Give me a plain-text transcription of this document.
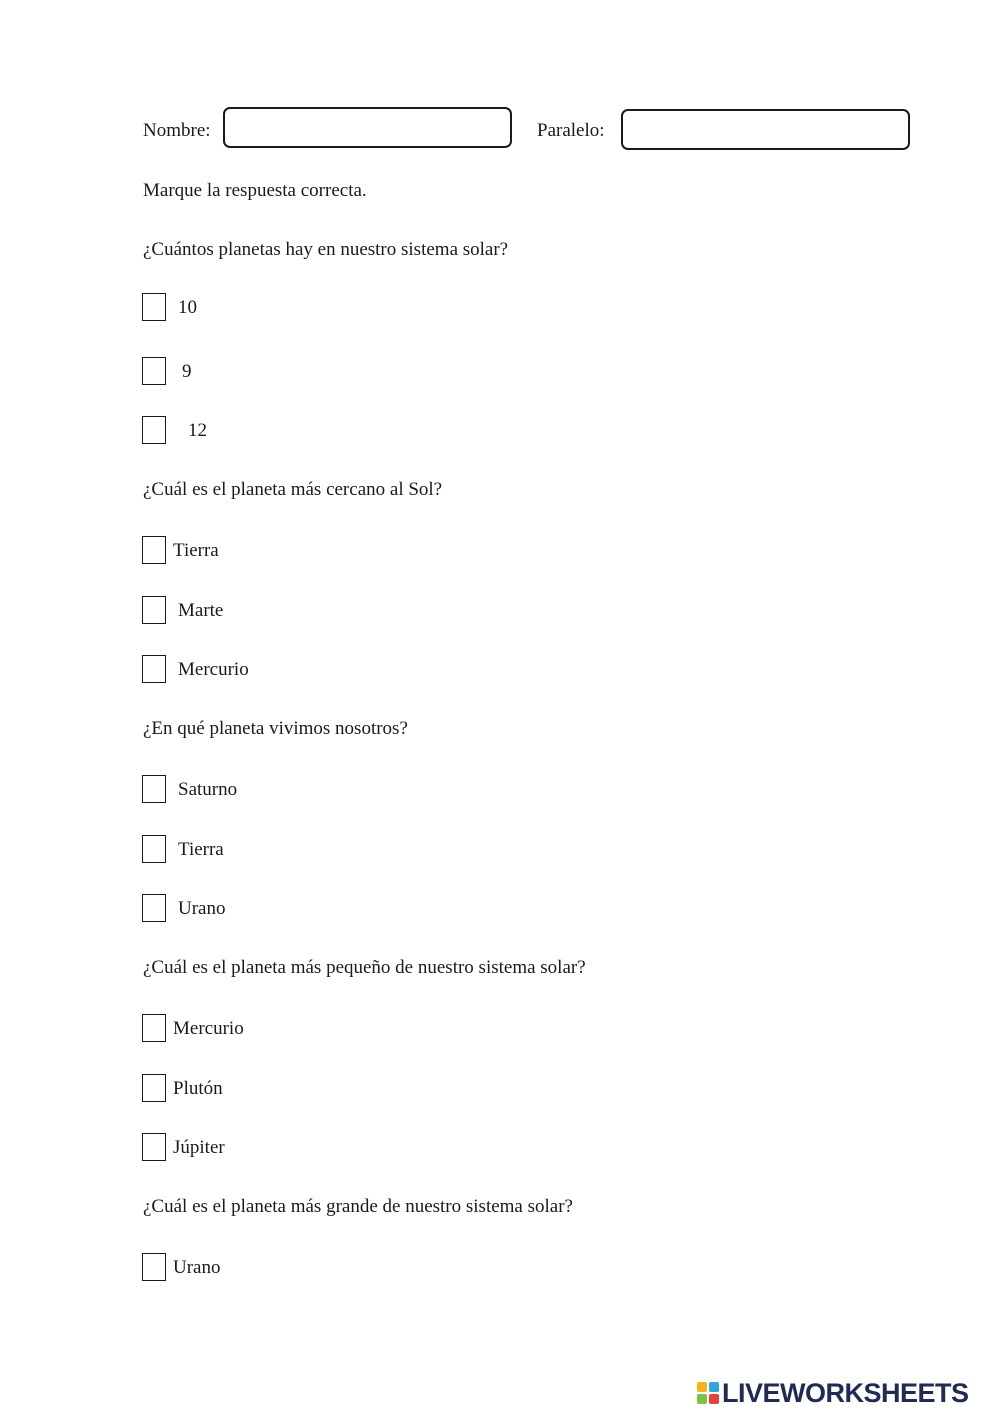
Nombre:	Paralelo:
Marque la respuesta correcta.
¿Cuántos planetas hay en nuestro sistema solar?
10
9
12
¿Cuál es el planeta más cercano al Sol?
Tierra
Marte
Mercurio
¿En qué planeta vivimos nosotros?
Saturno
Tierra
Urano
¿Cuál es el planeta más pequeño de nuestro sistema solar?
Mercurio
Plutón
Júpiter
¿Cuál es el planeta más grande de nuestro sistema solar?
Urano
LIVEWORKSHEETS
